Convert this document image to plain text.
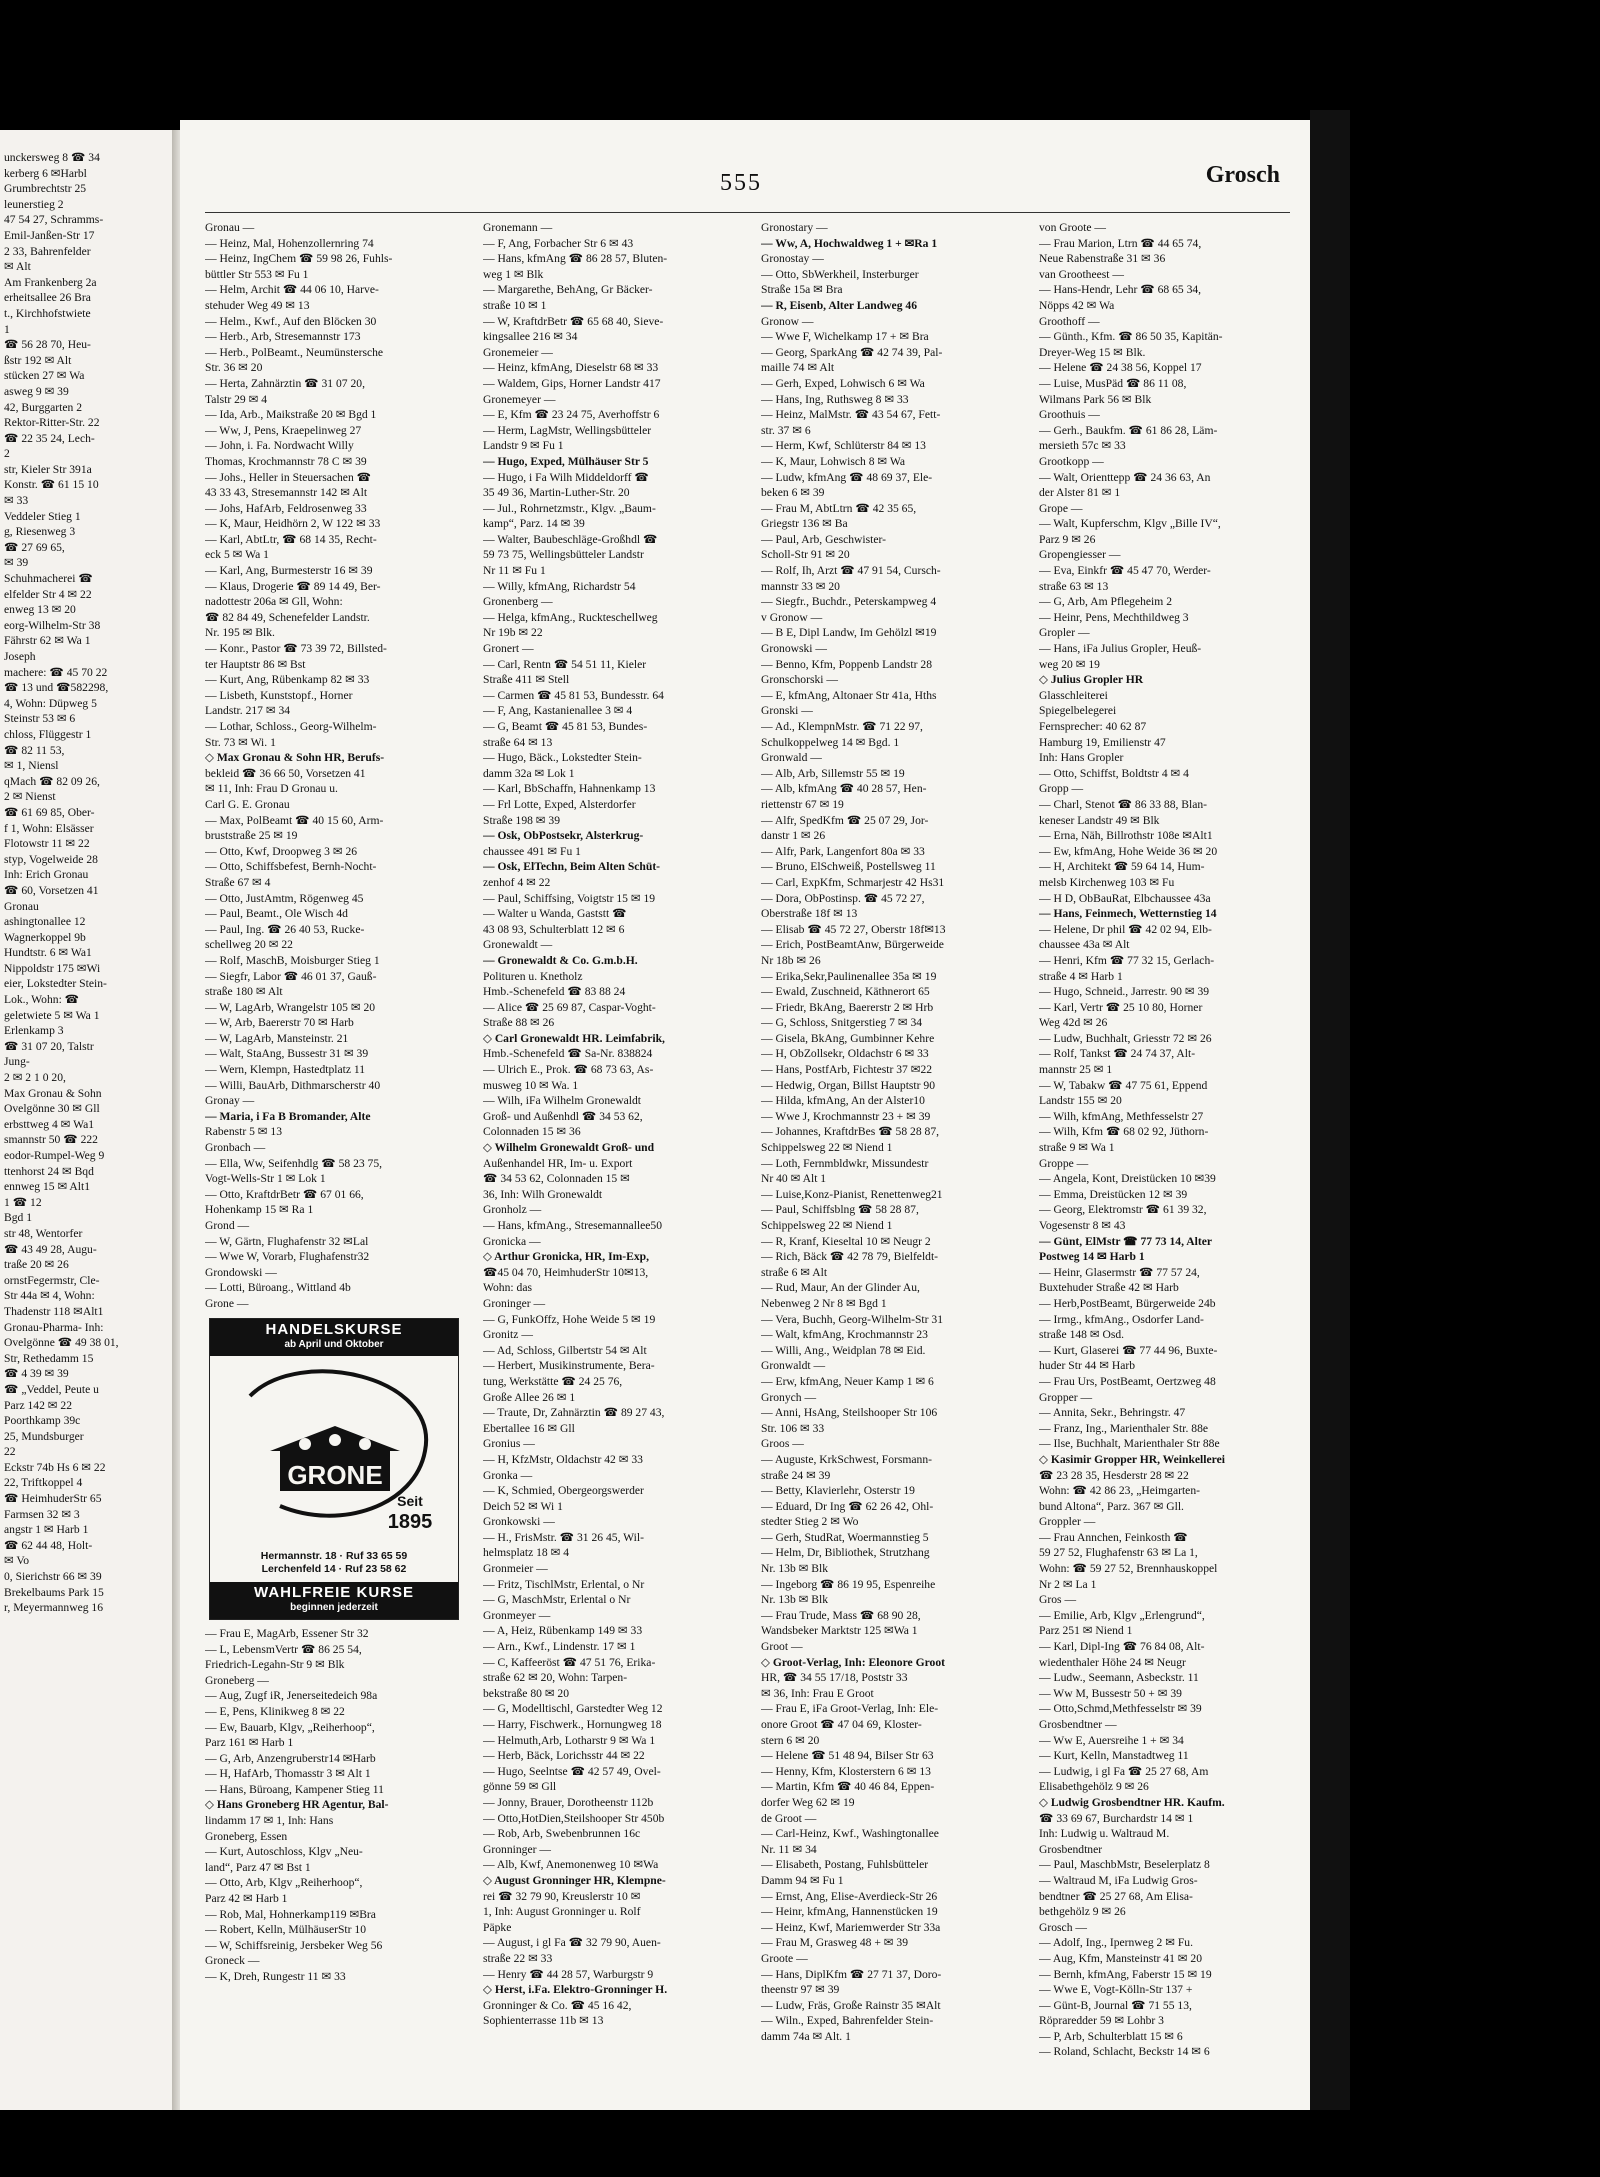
unckersweg 8 ☎ 34
kerberg 6 ✉Harbl
Grumbrechtstr 25
leunerstieg 2
47 54 27, Schramms-
Emil-Janßen-Str 17
2 33, Bahrenfelder
✉ Alt
Am Frankenberg 2a
erheitsallee 26 Bra
t., Kirchhofstwiete
1
☎ 56 28 70, Heu-
ßstr 192 ✉ Alt
stücken 27 ✉ Wa
asweg 9 ✉ 39
42, Burggarten 2
Rektor-Ritter-Str. 22
☎ 22 35 24, Lech-
2
str, Kieler Str 391a
Konstr. ☎ 61 15 10
✉ 33
Veddeler Stieg 1
g, Riesenweg 3
☎ 27 69 65,
✉ 39
Schuhmacherei ☎
elfelder Str 4 ✉ 22
enweg 13 ✉ 20
eorg-Wilhelm-Str 38
Fährstr 62 ✉ Wa 1
Joseph
machere: ☎ 45 70 22
☎ 13 und ☎582298,
4, Wohn: Düpweg 5
Steinstr 53 ✉ 6
chloss, Flüggestr 1
☎ 82 11 53,
✉ 1, Niensl
qMach ☎ 82 09 26,
2 ✉ Nienst
☎ 61 69 85, Ober-
f 1, Wohn: Elsässer
Flotowstr 11 ✉ 22
styp, Vogelweide 28
Inh: Erich Gronau
☎ 60, Vorsetzen 41
Gronau
ashingtonallee 12
Wagnerkoppel 9b
Hundtstr. 6 ✉ Wa1
Nippoldstr 175 ✉Wi
eier, Lokstedter Stein-
Lok., Wohn: ☎
geletwiete 5 ✉ Wa 1
Erlenkamp 3
☎ 31 07 20, Talstr
Jung-
2 ✉ 2 1 0 20,
Max Gronau & Sohn
Ovelgönne 30 ✉ Gll
erbsttweg 4 ✉ Wa1
smannstr 50 ☎ 222
eodor-Rumpel-Weg 9
ttenhorst 24 ✉ Bqd
ennweg 15 ✉ Alt1
1 ☎ 12
Bgd 1
str 48, Wentorfer
☎ 43 49 28, Augu-
traße 20 ✉ 26
ornstFegermstr, Cle-
Str 44a ✉ 4, Wohn:
Thadenstr 118 ✉Alt1
Gronau-Pharma- Inh:
Ovelgönne ☎ 49 38 01,
Str, Rethedamm 15
☎ 4 39 ✉ 39
☎ „Veddel, Peute u
Parz 142 ✉ 22
Poorthkamp 39c
25, Mundsburger
22
Eckstr 74b Hs 6 ✉ 22
22, Triftkoppel 4
☎ HeimhuderStr 65
Farmsen 32 ✉ 3
angstr 1 ✉ Harb 1
☎ 62 44 48, Holt-
✉ Vo
0, Sierichstr 66 ✉ 39
Brekelbaums Park 15
r, Meyermannweg 16
555	Grosch
Gronau —
— Heinz, Mal, Hohenzollernring 74
— Heinz, IngChem ☎ 59 98 26, Fuhls-
büttler Str 553 ✉ Fu 1
— Helm, Archit ☎ 44 06 10, Harve-
stehuder Weg 49 ✉ 13
— Helm., Kwf., Auf den Blöcken 30
— Herb., Arb, Stresemannstr 173
— Herb., PolBeamt., Neumünstersche
Str. 36 ✉ 20
— Herta, Zahnärztin ☎ 31 07 20,
Talstr 29 ✉ 4
— Ida, Arb., Maikstraße 20 ✉ Bgd 1
— Ww, J, Pens, Kraepelinweg 27
— John, i. Fa. Nordwacht Willy
Thomas, Krochmannstr 78 C ✉ 39
— Johs., Heller in Steuersachen ☎
43 33 43, Stresemannstr 142 ✉ Alt
— Johs, HafArb, Feldrosenweg 33
— K, Maur, Heidhörn 2, W 122 ✉ 33
— Karl, AbtLtr, ☎ 68 14 35, Recht-
eck 5 ✉ Wa 1
— Karl, Ang, Burmesterstr 16 ✉ 39
— Klaus, Drogerie ☎ 89 14 49, Ber-
nadottestr 206a ✉ Gll, Wohn:
☎ 82 84 49, Schenefelder Landstr.
Nr. 195 ✉ Blk.
— Konr., Pastor ☎ 73 39 72, Billsted-
ter Hauptstr 86 ✉ Bst
— Kurt, Ang, Rübenkamp 82 ✉ 33
— Lisbeth, Kunststopf., Horner
Landstr. 217 ✉ 34
— Lothar, Schloss., Georg-Wilhelm-
Str. 73 ✉ Wi. 1
◇ Max Gronau & Sohn HR, Berufs-
bekleid ☎ 36 66 50, Vorsetzen 41
✉ 11, Inh: Frau D Gronau u.
Carl G. E. Gronau
— Max, PolBeamt ☎ 40 15 60, Arm-
bruststraße 25 ✉ 19
— Otto, Kwf, Droopweg 3 ✉ 26
— Otto, Schiffsbefest, Bernh-Nocht-
Straße 67 ✉ 4
— Otto, JustAmtm, Rögenweg 45
— Paul, Beamt., Ole Wisch 4d
— Paul, Ing. ☎ 26 40 53, Rucke-
schellweg 20 ✉ 22
— Rolf, MaschB, Moisburger Stieg 1
— Siegfr, Labor ☎ 46 01 37, Gauß-
straße 180 ✉ Alt
— W, LagArb, Wrangelstr 105 ✉ 20
— W, Arb, Baererstr 70 ✉ Harb
— W, LagArb, Mansteinstr. 21
— Walt, StaAng, Bussestr 31 ✉ 39
— Wern, Klempn, Hastedtplatz 11
— Willi, BauArb, Dithmarscherstr 40
Gronay —
— Maria, i Fa B Bromander, Alte
Rabenstr 5 ✉ 13
Gronbach —
— Ella, Ww, Seifenhdlg ☎ 58 23 75,
Vogt-Wells-Str 1 ✉ Lok 1
— Otto, KraftdrBetr ☎ 67 01 66,
Hohenkamp 15 ✉ Ra 1
Grond —
— W, Gärtn, Flughafenstr 32 ✉Lal
— Wwe W, Vorarb, Flughafenstr32
Grondowski —
— Lotti, Büroang., Wittland 4b
Grone —
HANDELSKURSE
ab April und Oktober
GRONE
Seit
1895
Hermannstr. 18 · Ruf 33 65 59
Lerchenfeld 14 · Ruf 23 58 62
WAHLFREIE KURSE
beginnen jederzeit
— Frau E, MagArb, Essener Str 32
— L, LebensmVertr ☎ 86 25 54,
Friedrich-Legahn-Str 9 ✉ Blk
Groneberg —
— Aug, Zugf iR, Jenerseitedeich 98a
— E, Pens, Klinikweg 8 ✉ 22
— Ew, Bauarb, Klgv, „Reiherhoop“,
Parz 161 ✉ Harb 1
— G, Arb, Anzengruberstr14 ✉Harb
— H, HafArb, Thomasstr 3 ✉ Alt 1
— Hans, Büroang, Kampener Stieg 11
◇ Hans Groneberg HR Agentur, Bal-
lindamm 17 ✉ 1, Inh: Hans
Groneberg, Essen
— Kurt, Autoschloss, Klgv „Neu-
land“, Parz 47 ✉ Bst 1
— Otto, Arb, Klgv „Reiherhoop“,
Parz 42 ✉ Harb 1
— Rob, Mal, Hohnerkamp119 ✉Bra
— Robert, Kelln, MülhäuserStr 10
— W, Schiffsreinig, Jersbeker Weg 56
Groneck —
— K, Dreh, Rungestr 11 ✉ 33
Gronemann —
— F, Ang, Forbacher Str 6 ✉ 43
— Hans, kfmAng ☎ 86 28 57, Bluten-
weg 1 ✉ Blk
— Margarethe, BehAng, Gr Bäcker-
straße 10 ✉ 1
— W, KraftdrBetr ☎ 65 68 40, Sieve-
kingsallee 216 ✉ 34
Gronemeier —
— Heinz, kfmAng, Dieselstr 68 ✉ 33
— Waldem, Gips, Horner Landstr 417
Gronemeyer —
— E, Kfm ☎ 23 24 75, Averhoffstr 6
— Herm, LagMstr, Wellingsbütteler
Landstr 9 ✉ Fu 1
— Hugo, Exped, Mülhäuser Str 5
— Hugo, i Fa Wilh Middeldorff ☎
35 49 36, Martin-Luther-Str. 20
— Jul., Rohrnetzmstr., Klgv. „Baum-
kamp“, Parz. 14 ✉ 39
— Walter, Baubeschläge-Großhdl ☎
59 73 75, Wellingsbütteler Landstr
Nr 11 ✉ Fu 1
— Willy, kfmAng, Richardstr 54
Gronenberg —
— Helga, kfmAng., Ruckteschellweg
Nr 19b ✉ 22
Gronert —
— Carl, Rentn ☎ 54 51 11, Kieler
Straße 411 ✉ Stell
— Carmen ☎ 45 81 53, Bundesstr. 64
— F, Ang, Kastanienallee 3 ✉ 4
— G, Beamt ☎ 45 81 53, Bundes-
straße 64 ✉ 13
— Hugo, Bäck., Lokstedter Stein-
damm 32a ✉ Lok 1
— Karl, BbSchaffn, Hahnenkamp 13
— Frl Lotte, Exped, Alsterdorfer
Straße 198 ✉ 39
— Osk, ObPostsekr, Alsterkrug-
chaussee 491 ✉ Fu 1
— Osk, ElTechn, Beim Alten Schüt-
zenhof 4 ✉ 22
— Paul, Schiffsing, Voigtstr 15 ✉ 19
— Walter u Wanda, Gaststt ☎
43 08 93, Schulterblatt 12 ✉ 6
Gronewaldt —
— Gronewaldt & Co. G.m.b.H.
Polituren u. Knetholz
Hmb.-Schenefeld ☎ 83 88 24
— Alice ☎ 25 69 87, Caspar-Voght-
Straße 88 ✉ 26
◇ Carl Gronewaldt HR. Leimfabrik,
Hmb.-Schenefeld ☎ Sa-Nr. 838824
— Ulrich E., Prok. ☎ 68 73 63, As-
musweg 10 ✉ Wa. 1
— Wilh, iFa Wilhelm Gronewaldt
Groß- und Außenhdl ☎ 34 53 62,
Colonnaden 15 ✉ 36
◇ Wilhelm Gronewaldt Groß- und
Außenhandel HR, Im- u. Export
☎ 34 53 62, Colonnaden 15 ✉
36, Inh: Wilh Gronewaldt
Gronholz —
— Hans, kfmAng., Stresemannallee50
Gronicka —
◇ Arthur Gronicka, HR, Im-Exp,
☎45 04 70, HeimhuderStr 10✉13,
Wohn: das
Groninger —
— G, FunkOffz, Hohe Weide 5 ✉ 19
Gronitz —
— Ad, Schloss, Gilbertstr 54 ✉ Alt
— Herbert, Musikinstrumente, Bera-
tung, Werkstätte ☎ 24 25 76,
Große Allee 26 ✉ 1
— Traute, Dr, Zahnärztin ☎ 89 27 43,
Ebertallee 16 ✉ Gll
Gronius —
— H, KfzMstr, Oldachstr 42 ✉ 33
Gronka —
— K, Schmied, Obergeorgswerder
Deich 52 ✉ Wi 1
Gronkowski —
— H., FrisMstr. ☎ 31 26 45, Wil-
helmsplatz 18 ✉ 4
Gronmeier —
— Fritz, TischlMstr, Erlental, o Nr
— G, MaschMstr, Erlental o Nr
Gronmeyer —
— A, Heiz, Rübenkamp 149 ✉ 33
— Arn., Kwf., Lindenstr. 17 ✉ 1
— C, Kaffeeröst ☎ 47 51 76, Erika-
straße 62 ✉ 20, Wohn: Tarpen-
bekstraße 80 ✉ 20
— G, Modelltischl, Garstedter Weg 12
— Harry, Fischwerk., Hornungweg 18
— Helmuth,Arb, Lotharstr 9 ✉ Wa 1
— Herb, Bäck, Lorichsstr 44 ✉ 22
— Hugo, Seelntse ☎ 42 57 49, Ovel-
gönne 59 ✉ Gll
— Jonny, Brauer, Dorotheenstr 112b
— Otto,HotDien,Steilshooper Str 450b
— Rob, Arb, Swebenbrunnen 16c
Gronninger —
— Alb, Kwf, Anemonenweg 10 ✉Wa
◇ August Gronninger HR, Klempne-
rei ☎ 32 79 90, Kreuslerstr 10 ✉
1, Inh: August Gronninger u. Rolf
Päpke
— August, i gl Fa ☎ 32 79 90, Auen-
straße 22 ✉ 33
— Henry ☎ 44 28 57, Warburgstr 9
◇ Herst, i.Fa. Elektro-Gronninger H.
Gronninger & Co. ☎ 45 16 42,
Sophienterrasse 11b ✉ 13
Gronostary —
— Ww, A, Hochwaldweg 1 + ✉Ra 1
Gronostay —
— Otto, SbWerkheil, Insterburger
Straße 15a ✉ Bra
— R, Eisenb, Alter Landweg 46
Gronow —
— Wwe F, Wichelkamp 17 + ✉ Bra
— Georg, SparkAng ☎ 42 74 39, Pal-
maille 74 ✉ Alt
— Gerh, Exped, Lohwisch 6 ✉ Wa
— Hans, Ing, Ruthsweg 8 ✉ 33
— Heinz, MalMstr. ☎ 43 54 67, Fett-
str. 37 ✉ 6
— Herm, Kwf, Schlüterstr 84 ✉ 13
— K, Maur, Lohwisch 8 ✉ Wa
— Ludw, kfmAng ☎ 48 69 37, Ele-
beken 6 ✉ 39
— Frau M, AbtLtrn ☎ 42 35 65,
Griegstr 136 ✉ Ba
— Paul, Arb, Geschwister-
Scholl-Str 91 ✉ 20
— Rolf, Ih, Arzt ☎ 47 91 54, Cursch-
mannstr 33 ✉ 20
— Siegfr., Buchdr., Peterskampweg 4
v Gronow —
— B E, Dipl Landw, Im Gehölzl ✉19
Gronowski —
— Benno, Kfm, Poppenb Landstr 28
Gronschorski —
— E, kfmAng, Altonaer Str 41a, Hths
Gronski —
— Ad., KlempnMstr. ☎ 71 22 97,
Schulkoppelweg 14 ✉ Bgd. 1
Gronwald —
— Alb, Arb, Sillemstr 55 ✉ 19
— Alb, kfmAng ☎ 40 28 57, Hen-
riettenstr 67 ✉ 19
— Alfr, SpedKfm ☎ 25 07 29, Jor-
danstr 1 ✉ 26
— Alfr, Park, Langenfort 80a ✉ 33
— Bruno, ElSchweiß, Postellsweg 11
— Carl, ExpKfm, Schmarjestr 42 Hs31
— Dora, ObPostinsp. ☎ 45 72 27,
Oberstraße 18f ✉ 13
— Elisab ☎ 45 72 27, Oberstr 18f✉13
— Erich, PostBeamtAnw, Bürgerweide
Nr 18b ✉ 26
— Erika,Sekr,Paulinenallee 35a ✉ 19
— Ewald, Zuschneid, Käthnerort 65
— Friedr, BkAng, Baererstr 2 ✉ Hrb
— G, Schloss, Snitgerstieg 7 ✉ 34
— Gisela, BkAng, Gumbinner Kehre
— H, ObZollsekr, Oldachstr 6 ✉ 33
— Hans, PostfArb, Fichtestr 37 ✉22
— Hedwig, Organ, Billst Hauptstr 90
— Hilda, kfmAng, An der Alster10
— Wwe J, Krochmannstr 23 + ✉ 39
— Johannes, KraftdrBes ☎ 58 28 87,
Schippelsweg 22 ✉ Niend 1
— Loth, Fernmbldwkr, Missundestr
Nr 40 ✉ Alt 1
— Luise,Konz-Pianist, Renettenweg21
— Paul, Schiffsblng ☎ 58 28 87,
Schippelsweg 22 ✉ Niend 1
— R, Kranf, Kieseltal 10 ✉ Neugr 2
— Rich, Bäck ☎ 42 78 79, Bielfeldt-
straße 6 ✉ Alt
— Rud, Maur, An der Glinder Au,
Nebenweg 2 Nr 8 ✉ Bgd 1
— Vera, Buchh, Georg-Wilhelm-Str 31
— Walt, kfmAng, Krochmannstr 23
— Willi, Ang., Weidplan 78 ✉ Eid.
Gronwaldt —
— Erw, kfmAng, Neuer Kamp 1 ✉ 6
Gronych —
— Anni, HsAng, Steilshooper Str 106
Str. 106 ✉ 33
Groos —
— Auguste, KrkSchwest, Forsmann-
straße 24 ✉ 39
— Betty, Klavierlehr, Osterstr 19
— Eduard, Dr Ing ☎ 62 26 42, Ohl-
stedter Stieg 2 ✉ Wo
— Gerh, StudRat, Woermannstieg 5
— Helm, Dr, Bibliothek, Strutzhang
Nr. 13b ✉ Blk
— Ingeborg ☎ 86 19 95, Espenreihe
Nr. 13b ✉ Blk
— Frau Trude, Mass ☎ 68 90 28,
Wandsbeker Marktstr 125 ✉Wa 1
Groot —
◇ Groot-Verlag, Inh: Eleonore Groot
HR, ☎ 34 55 17/18, Poststr 33
✉ 36, Inh: Frau E Groot
— Frau E, iFa Groot-Verlag, Inh: Ele-
onore Groot ☎ 47 04 69, Kloster-
stern 6 ✉ 20
— Helene ☎ 51 48 94, Bilser Str 63
— Henny, Kfm, Klosterstern 6 ✉ 13
— Martin, Kfm ☎ 40 46 84, Eppen-
dorfer Weg 62 ✉ 19
de Groot —
— Carl-Heinz, Kwf., Washingtonallee
Nr. 11 ✉ 34
— Elisabeth, Postang, Fuhlsbütteler
Damm 94 ✉ Fu 1
— Ernst, Ang, Elise-Averdieck-Str 26
— Heinr, kfmAng, Hannenstücken 19
— Heinz, Kwf, Mariemwerder Str 33a
— Frau M, Grasweg 48 + ✉ 39
Groote —
— Hans, DiplKfm ☎ 27 71 37, Doro-
theenstr 97 ✉ 39
— Ludw, Fräs, Große Rainstr 35 ✉Alt
— Wiln., Exped, Bahrenfelder Stein-
damm 74a ✉ Alt. 1
von Groote —
— Frau Marion, Ltrn ☎ 44 65 74,
Neue Rabenstraße 31 ✉ 36
van Grootheest —
— Hans-Hendr, Lehr ☎ 68 65 34,
Nöpps 42 ✉ Wa
Groothoff —
— Günth., Kfm. ☎ 86 50 35, Kapitän-
Dreyer-Weg 15 ✉ Blk.
— Helene ☎ 24 38 56, Koppel 17
— Luise, MusPäd ☎ 86 11 08,
Wilmans Park 56 ✉ Blk
Groothuis —
— Gerh., Baukfm. ☎ 61 86 28, Läm-
mersieth 57c ✉ 33
Grootkopp —
— Walt, Orienttepp ☎ 24 36 63, An
der Alster 81 ✉ 1
Grope —
— Walt, Kupferschm, Klgv „Bille IV“,
Parz 9 ✉ 26
Gropengiesser —
— Eva, Einkfr ☎ 45 47 70, Werder-
straße 63 ✉ 13
— G, Arb, Am Pflegeheim 2
— Heinr, Pens, Mechthildweg 3
Gropler —
— Hans, iFa Julius Gropler, Heuß-
weg 20 ✉ 19
◇ Julius Gropler HR
Glasschleiterei
Spiegelbelegerei
Fernsprecher: 40 62 87
Hamburg 19, Emilienstr 47
Inh: Hans Gropler
— Otto, Schiffst, Boldtstr 4 ✉ 4
Gropp —
— Charl, Stenot ☎ 86 33 88, Blan-
keneser Landstr 49 ✉ Blk
— Erna, Näh, Billrothstr 108e ✉Alt1
— Ew, kfmAng, Hohe Weide 36 ✉ 20
— H, Architekt ☎ 59 64 14, Hum-
melsb Kirchenweg 103 ✉ Fu
— H D, ObBauRat, Elbchaussee 43a
— Hans, Feinmech, Wetternstieg 14
— Helene, Dr phil ☎ 42 02 94, Elb-
chaussee 43a ✉ Alt
— Henri, Kfm ☎ 77 32 15, Gerlach-
straße 4 ✉ Harb 1
— Hugo, Schneid., Jarrestr. 90 ✉ 39
— Karl, Vertr ☎ 25 10 80, Horner
Weg 42d ✉ 26
— Ludw, Buchhalt, Griesstr 72 ✉ 26
— Rolf, Tankst ☎ 24 74 37, Alt-
mannstr 25 ✉ 1
— W, Tabakw ☎ 47 75 61, Eppend
Landstr 155 ✉ 20
— Wilh, kfmAng, Methfesselstr 27
— Wilh, Kfm ☎ 68 02 92, Jüthorn-
straße 9 ✉ Wa 1
Groppe —
— Angela, Kont, Dreistücken 10 ✉39
— Emma, Dreistücken 12 ✉ 39
— Georg, Elektromstr ☎ 61 39 32,
Vogesenstr 8 ✉ 43
— Günt, ElMstr ☎ 77 73 14, Alter
Postweg 14 ✉ Harb 1
— Heinr, Glasermstr ☎ 77 57 24,
Buxtehuder Straße 42 ✉ Harb
— Herb,PostBeamt, Bürgerweide 24b
— Irmg., kfmAng., Osdorfer Land-
straße 148 ✉ Osd.
— Kurt, Glaserei ☎ 77 44 96, Buxte-
huder Str 44 ✉ Harb
— Frau Urs, PostBeamt, Oertzweg 48
Gropper —
— Annita, Sekr., Behringstr. 47
— Franz, Ing., Marienthaler Str. 88e
— Ilse, Buchhalt, Marienthaler Str 88e
◇ Kasimir Gropper HR, Weinkellerei
☎ 23 28 35, Hesderstr 28 ✉ 22
Wohn: ☎ 42 86 23, „Heimgarten-
bund Altona“, Parz. 367 ✉ Gll.
Groppler —
— Frau Annchen, Feinkosth ☎
59 27 52, Flughafenstr 63 ✉ La 1,
Wohn: ☎ 59 27 52, Brennhauskoppel
Nr 2 ✉ La 1
Gros —
— Emilie, Arb, Klgv „Erlengrund“,
Parz 251 ✉ Niend 1
— Karl, Dipl-Ing ☎ 76 84 08, Alt-
wiedenthaler Höhe 24 ✉ Neugr
— Ludw., Seemann, Asbeckstr. 11
— Ww M, Bussestr 50 + ✉ 39
— Otto,Schmd,Methfesselstr ✉ 39
Grosbendtner —
— Ww E, Auersreihe 1 + ✉ 34
— Kurt, Kelln, Manstadtweg 11
— Ludwig, i gl Fa ☎ 25 27 68, Am
Elisabethgehölz 9 ✉ 26
◇ Ludwig Grosbendtner HR. Kaufm.
☎ 33 69 67, Burchardstr 14 ✉ 1
Inh: Ludwig u. Waltraud M.
Grosbendtner
— Paul, MaschbMstr, Beselerplatz 8
— Waltraud M, iFa Ludwig Gros-
bendtner ☎ 25 27 68, Am Elisa-
bethgehölz 9 ✉ 26
Grosch —
— Adolf, Ing., Ipernweg 2 ✉ Fu.
— Aug, Kfm, Mansteinstr 41 ✉ 20
— Bernh, kfmAng, Faberstr 15 ✉ 19
— Wwe E, Vogt-Kölln-Str 137 +
— Günt-B, Journal ☎ 71 55 13,
Röpraredder 59 ✉ Lohbr 3
— P, Arb, Schulterblatt 15 ✉ 6
— Roland, Schlacht, Beckstr 14 ✉ 6
